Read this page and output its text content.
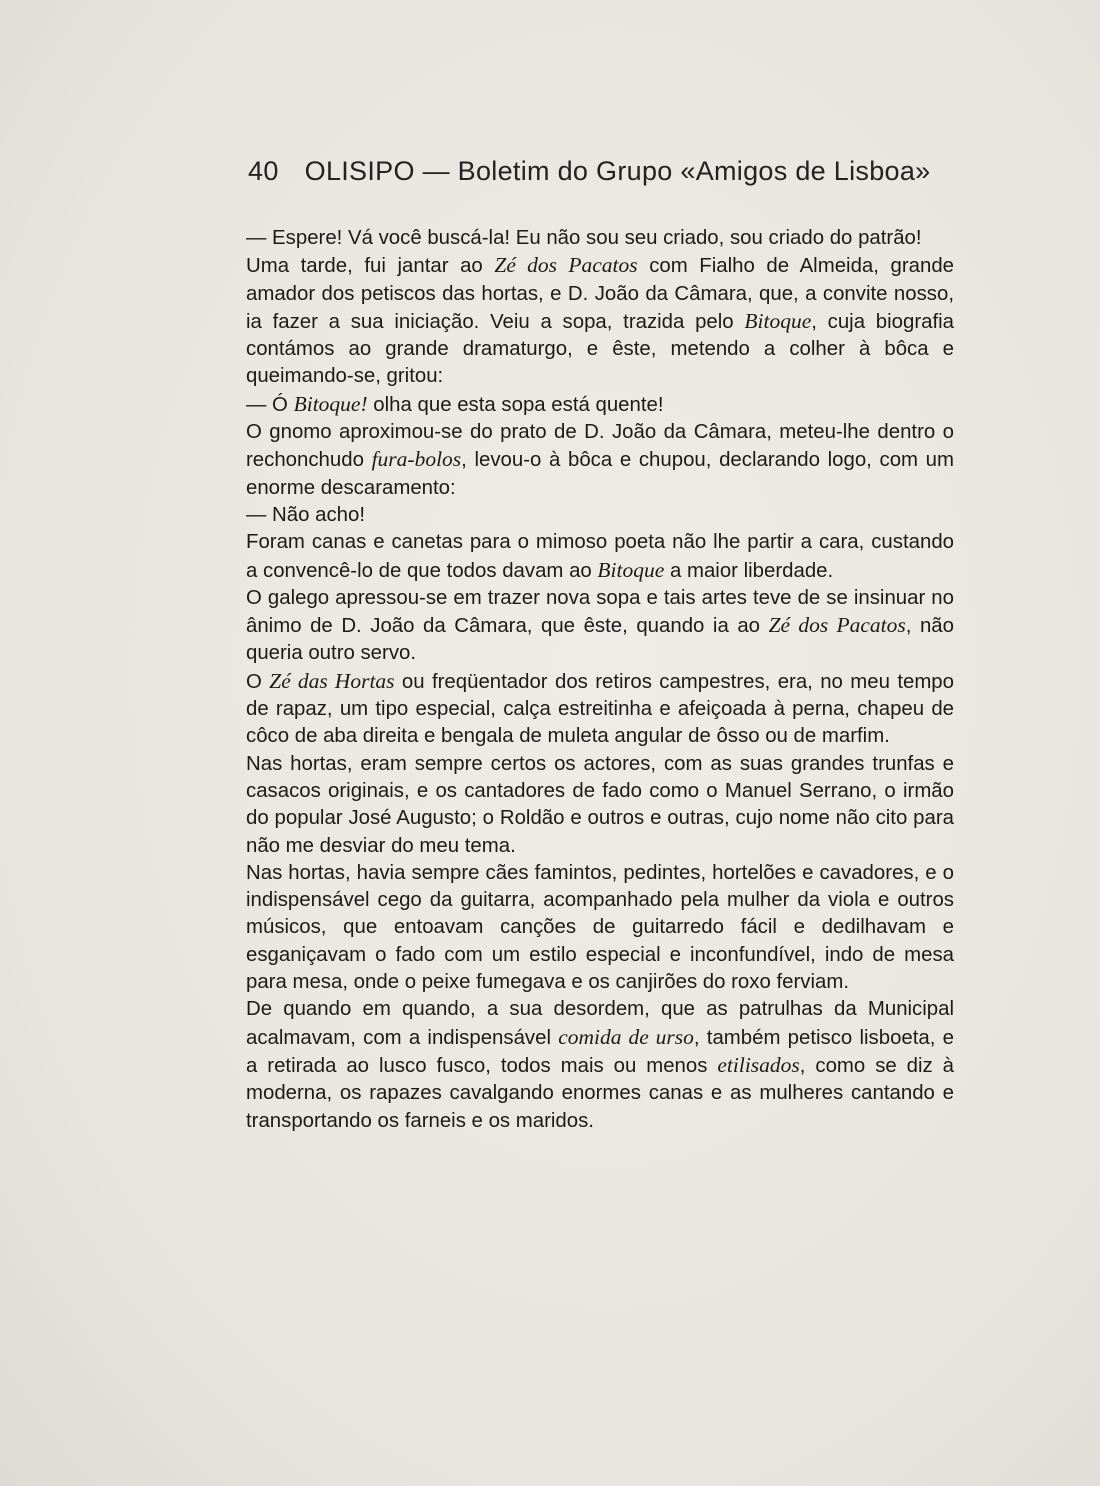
40 OLISIPO — Boletim do Grupo «Amigos de Lisboa»

— Espere! Vá você buscá-la! Eu não sou seu criado, sou criado do patrão!

Uma tarde, fui jantar ao Zé dos Pacatos com Fialho de Almeida, grande amador dos petiscos das hortas, e D. João da Câmara, que, a convite nosso, ia fazer a sua iniciação. Veiu a sopa, trazida pelo Bitoque, cuja biografia contámos ao grande dramaturgo, e êste, metendo a colher à bôca e queimando-se, gritou:

— Ó Bitoque! olha que esta sopa está quente!

O gnomo aproximou-se do prato de D. João da Câmara, meteu-lhe dentro o rechonchudo fura-bolos, levou-o à bôca e chupou, declarando logo, com um enorme descaramento:

— Não acho!

Foram canas e canetas para o mimoso poeta não lhe partir a cara, custando a convencê-lo de que todos davam ao Bitoque a maior liberdade.

O galego apressou-se em trazer nova sopa e tais artes teve de se insinuar no ânimo de D. João da Câmara, que êste, quando ia ao Zé dos Pacatos, não queria outro servo.

O Zé das Hortas ou freqüentador dos retiros campestres, era, no meu tempo de rapaz, um tipo especial, calça estreitinha e afeiçoada à perna, chapeu de côco de aba direita e bengala de muleta angular de ôsso ou de marfim.

Nas hortas, eram sempre certos os actores, com as suas grandes trunfas e casacos originais, e os cantadores de fado como o Manuel Serrano, o irmão do popular José Augusto; o Roldão e outros e outras, cujo nome não cito para não me desviar do meu tema.

Nas hortas, havia sempre cães famintos, pedintes, hortelões e cavadores, e o indispensável cego da guitarra, acompanhado pela mulher da viola e outros músicos, que entoavam canções de guitarredo fácil e dedilhavam e esganiçavam o fado com um estilo especial e inconfundível, indo de mesa para mesa, onde o peixe fumegava e os canjirões do roxo ferviam.

De quando em quando, a sua desordem, que as patrulhas da Municipal acalmavam, com a indispensável comida de urso, também petisco lisboeta, e a retirada ao lusco fusco, todos mais ou menos etilisados, como se diz à moderna, os rapazes cavalgando enormes canas e as mulheres cantando e transportando os farneis e os maridos.
